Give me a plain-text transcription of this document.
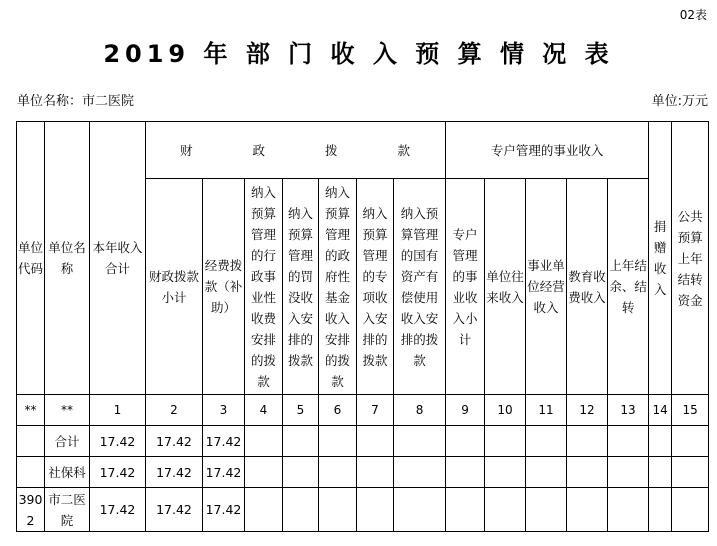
02表
2019 年 部 门 收 入 预 算 情 况 表
单位名称：市二医院	单位:万元
单位代码	单位名称	本年收入合计	财 政 拨 款							专户管理的事业收入					捐赠收入	公共预算上年结转资金
			财政拨款小计	经费拨款（补助）	纳入预算管理的行政事业性收费安排的拨款	纳入预算管理的罚没收入安排的拨款	纳入预算管理的政府性基金收入安排的拨款	纳入预算管理的专项收入安排的拨款	纳入预算管理的国有资产有偿使用收入安排的拨款	专户管理的事业收入小计	单位往来收入	事业单位经营收入	教育收费收入	上年结余、结转		
**	**	1	2	3	4	5	6	7	8	9	10	11	12	13	14	15
	合计	17.42	17.42	17.42												
	社保科	17.42	17.42	17.42												
3902	市二医院	17.42	17.42	17.42												
